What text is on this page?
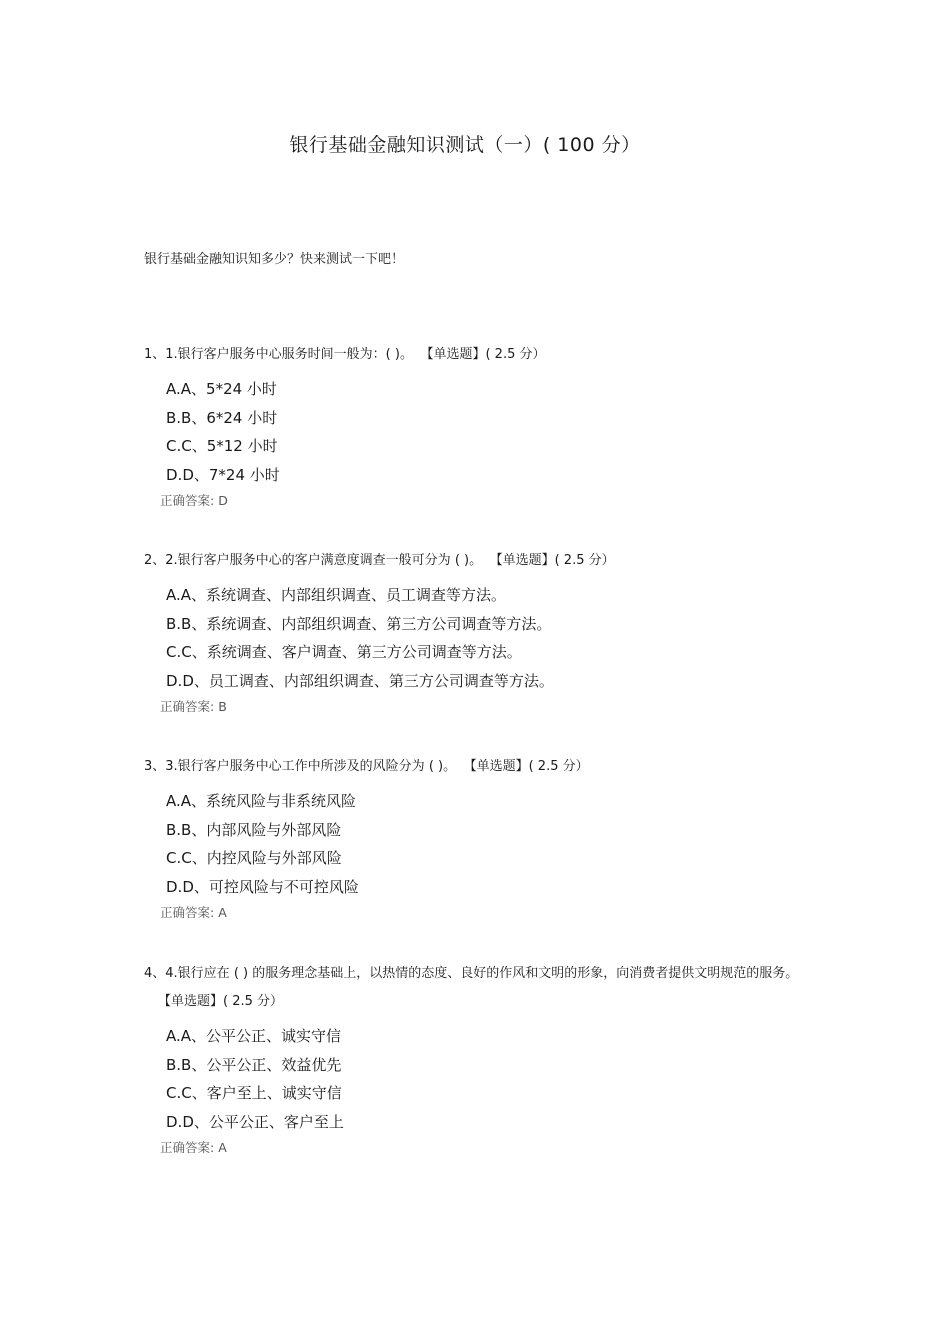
银行基础金融知识测试（一）( 100 分）
银行基础金融知识知多少？快来测试一下吧！
1、1.银行客户服务中心服务时间一般为：( )。 【单选题】( 2.5 分）
A.A、5*24 小时
B.B、6*24 小时
C.C、5*12 小时
D.D、7*24 小时
正确答案: D
2、2.银行客户服务中心的客户满意度调查一般可分为 ( )。 【单选题】( 2.5 分）
A.A、系统调查、内部组织调查、员工调查等方法。
B.B、系统调查、内部组织调查、第三方公司调查等方法。
C.C、系统调查、客户调查、第三方公司调查等方法。
D.D、员工调查、内部组织调查、第三方公司调查等方法。
正确答案: B
3、3.银行客户服务中心工作中所涉及的风险分为 ( )。 【单选题】( 2.5 分）
A.A、系统风险与非系统风险
B.B、内部风险与外部风险
C.C、内控风险与外部风险
D.D、可控风险与不可控风险
正确答案: A
4、4.银行应在 ( ) 的服务理念基础上，以热情的态度、良好的作风和文明的形象，向消费者提供文明规范的服务。【单选题】( 2.5 分）
A.A、公平公正、诚实守信
B.B、公平公正、效益优先
C.C、客户至上、诚实守信
D.D、公平公正、客户至上
正确答案: A
